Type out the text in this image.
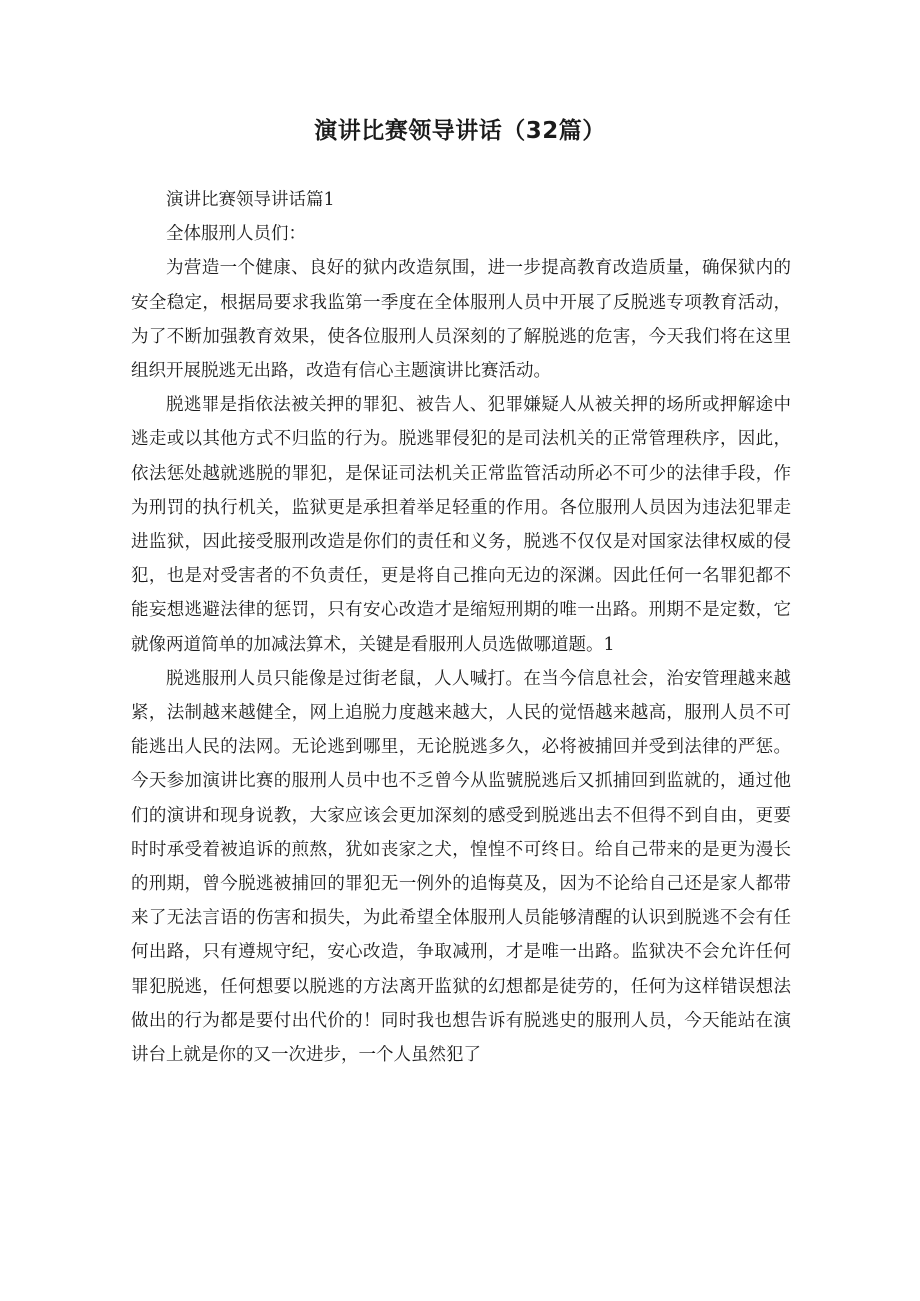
演讲比赛领导讲话（32篇）

演讲比赛领导讲话篇1

全体服刑人员们：

为营造一个健康、良好的狱内改造氛围，进一步提高教育改造质量，确保狱内的安全稳定，根据局要求我监第一季度在全体服刑人员中开展了反脱逃专项教育活动，为了不断加强教育效果，使各位服刑人员深刻的了解脱逃的危害，今天我们将在这里组织开展脱逃无出路，改造有信心主题演讲比赛活动。

脱逃罪是指依法被关押的罪犯、被告人、犯罪嫌疑人从被关押的场所或押解途中逃走或以其他方式不归监的行为。脱逃罪侵犯的是司法机关的正常管理秩序，因此，依法惩处越就逃脱的罪犯，是保证司法机关正常监管活动所必不可少的法律手段，作为刑罚的执行机关，监狱更是承担着举足轻重的作用。各位服刑人员因为违法犯罪走进监狱，因此接受服刑改造是你们的责任和义务，脱逃不仅仅是对国家法律权威的侵犯，也是对受害者的不负责任，更是将自己推向无边的深渊。因此任何一名罪犯都不能妄想逃避法律的惩罚，只有安心改造才是缩短刑期的唯一出路。刑期不是定数，它就像两道简单的加减法算术，关键是看服刑人员选做哪道题。1

脱逃服刑人员只能像是过街老鼠，人人喊打。在当今信息社会，治安管理越来越紧，法制越来越健全，网上追脱力度越来越大，人民的觉悟越来越高，服刑人员不可能逃出人民的法网。无论逃到哪里，无论脱逃多久，必将被捕回并受到法律的严惩。今天参加演讲比赛的服刑人员中也不乏曾今从监號脱逃后又抓捕回到监就的，通过他们的演讲和现身说教，大家应该会更加深刻的感受到脱逃出去不但得不到自由，更要时时承受着被追诉的煎熬，犹如丧家之犬，惶惶不可终日。给自己带来的是更为漫长的刑期，曾今脱逃被捕回的罪犯无一例外的追悔莫及，因为不论给自己还是家人都带来了无法言语的伤害和损失，为此希望全体服刑人员能够清醒的认识到脱逃不会有任何出路，只有遵规守纪，安心改造，争取减刑，才是唯一出路。监狱决不会允许任何罪犯脱逃，任何想要以脱逃的方法离开监狱的幻想都是徒劳的，任何为这样错误想法做出的行为都是要付出代价的！同时我也想告诉有脱逃史的服刑人员，今天能站在演讲台上就是你的又一次进步，一个人虽然犯了
